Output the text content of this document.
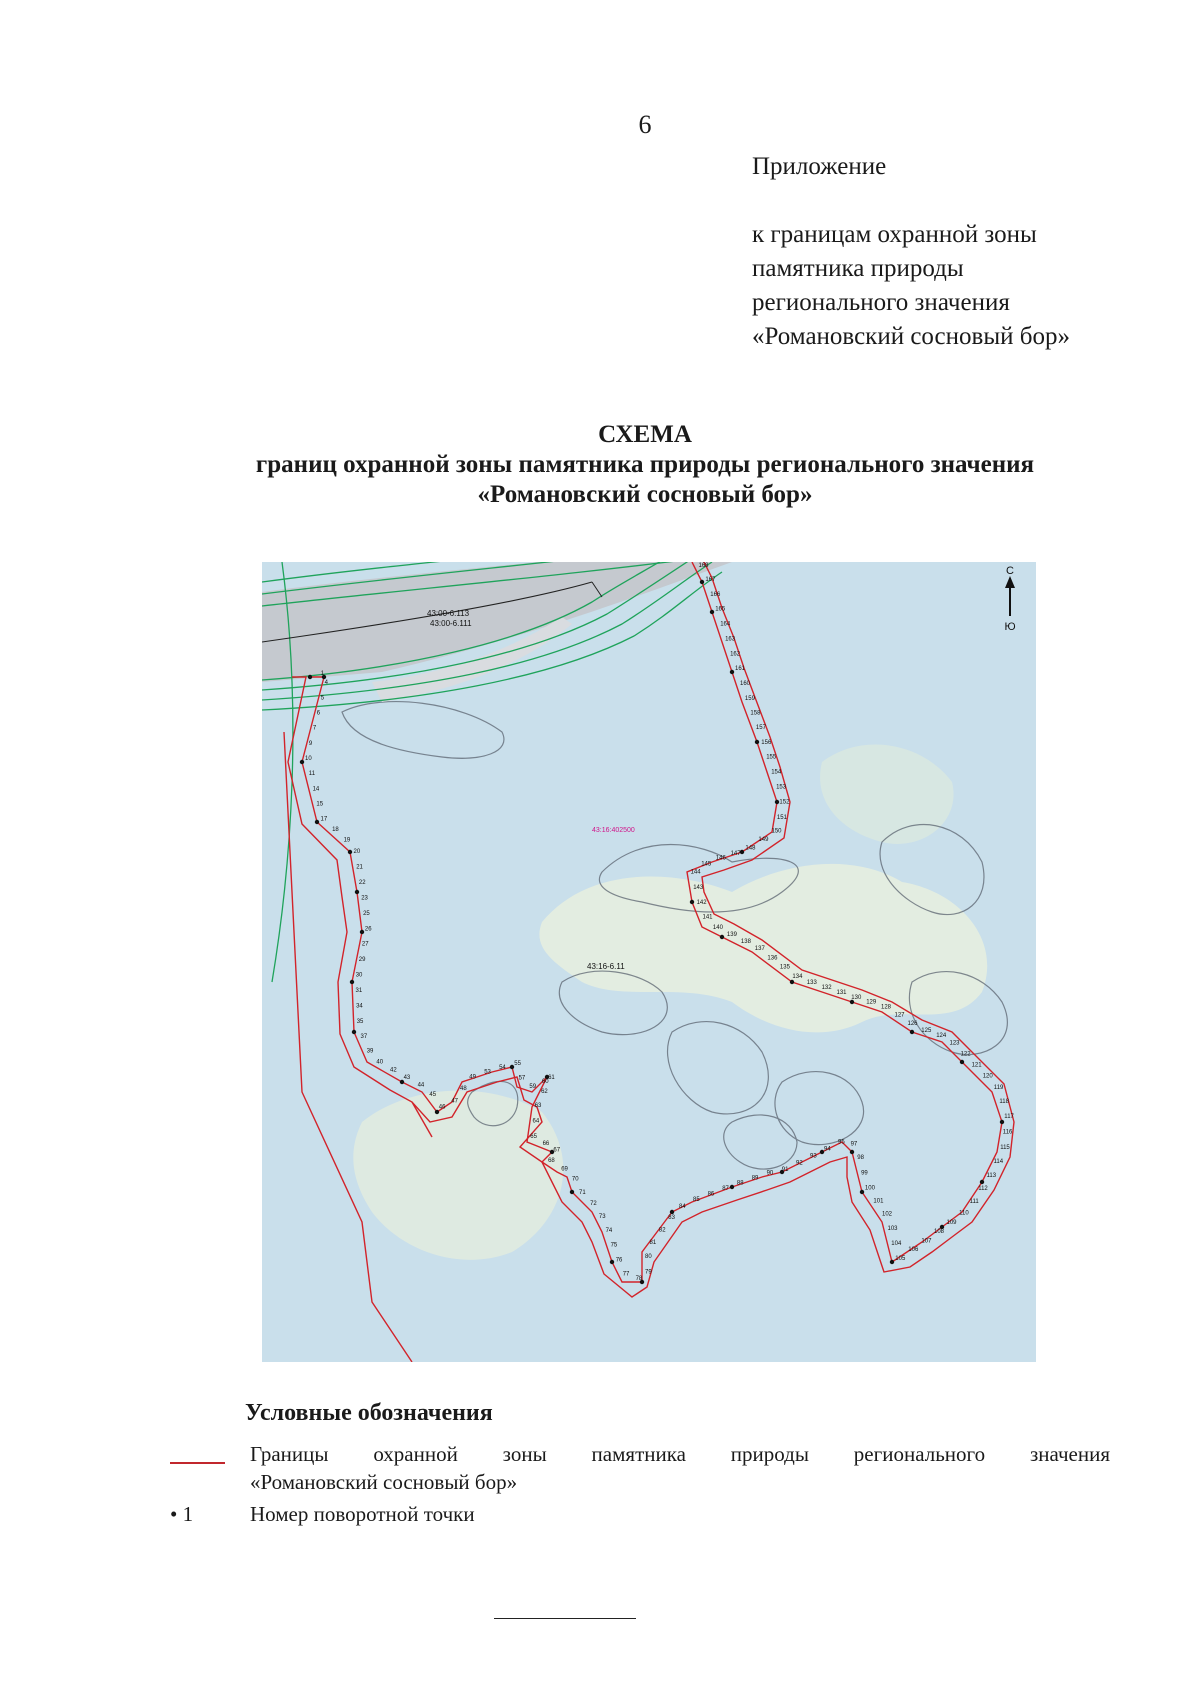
6
Приложение
к границам охранной зоны
памятника природы
регионального значения
«Романовский сосновый бор»
СХЕМА
границ охранной зоны памятника природы регионального значения
«Романовский сосновый бор»
С
Ю
43:00-6.113
43:00-6.111
43:16-6.11
43:16:402500
1
4
5
6
7
9
10
11
14
15
17
18
19
20
21
22
23
25
26
27
29
30
31
34
35
37
39
40
42
43
44
45
46
47
48
49
53
54
55
57
59
60
61
62
63
64
65
66
67
68
69
70
71
72
73
74
75
76
77
78
79
80
81
82
83
84
85
86
87
88
89
90
91
92
93
94
95 97
98
99
100
101
102
103
104
105
106
107
108
109
110
111
112
113
114
115
116
117
118
119
120
121
122
123
124
125
126
127
128
129
130
131
132
133
134
135
136
137
138
139
140
141
142
143
144
145
146
147
148
149
150
151
152
153
154
155
156
157
158
159
160
161
162
163
164
165
166
167
168
Условные обозначения
Границы охранной зоны памятника природы регионального значения
«Романовский сосновый бор»
• 1	Номер поворотной точки
